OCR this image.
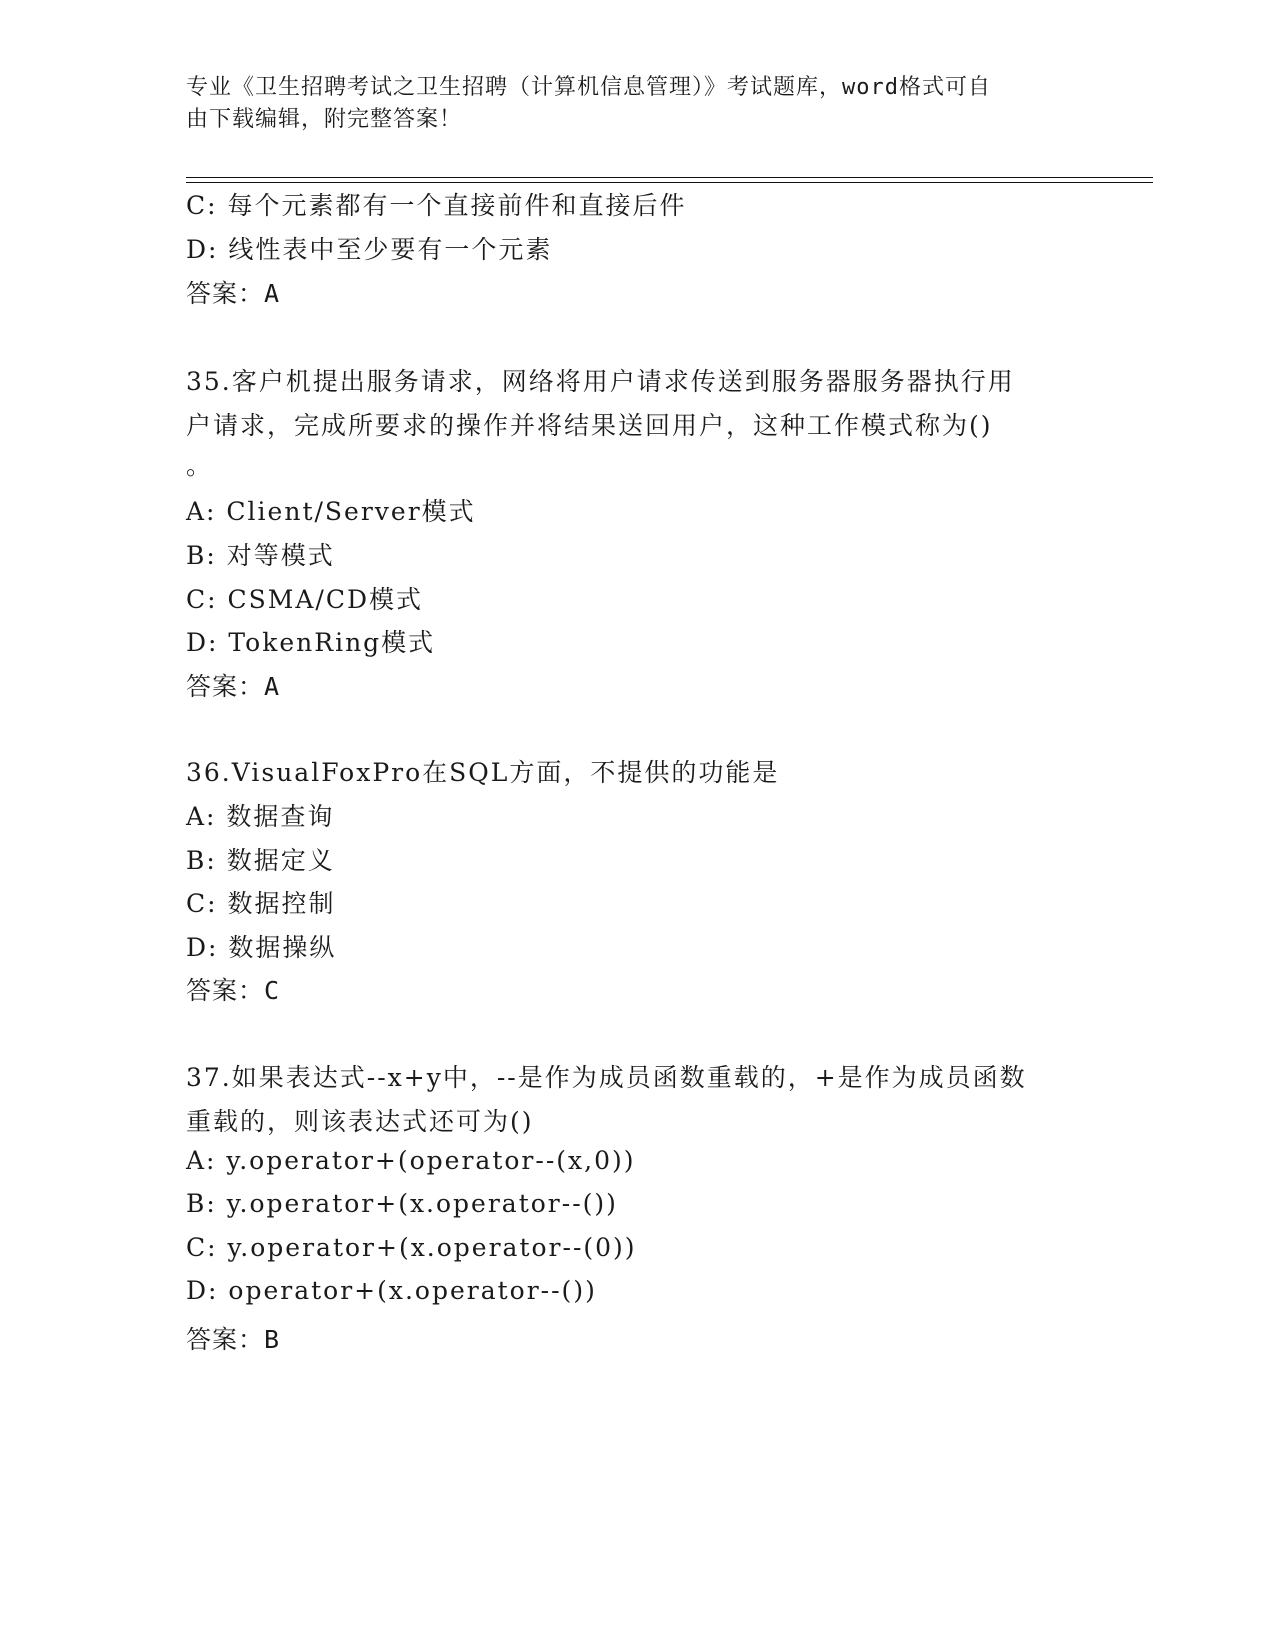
专业《卫生招聘考试之卫生招聘（计算机信息管理）》考试题库，word格式可自
由下载编辑，附完整答案！
C: 每个元素都有一个直接前件和直接后件
D: 线性表中至少要有一个元素
答案：A
35.客户机提出服务请求，网络将用户请求传送到服务器服务器执行用
户请求，完成所要求的操作并将结果送回用户，这种工作模式称为()
。
A: Client/Server模式
B: 对等模式
C: CSMA/CD模式
D: TokenRing模式
答案：A
36.VisualFoxPro在SQL方面，不提供的功能是
A: 数据查询
B: 数据定义
C: 数据控制
D: 数据操纵
答案：C
37.如果表达式--x+y中，--是作为成员函数重载的，+是作为成员函数
重载的，则该表达式还可为()
A: y.operator+(operator--(x,0))
B: y.operator+(x.operator--())
C: y.operator+(x.operator--(0))
D: operator+(x.operator--())
答案：B
